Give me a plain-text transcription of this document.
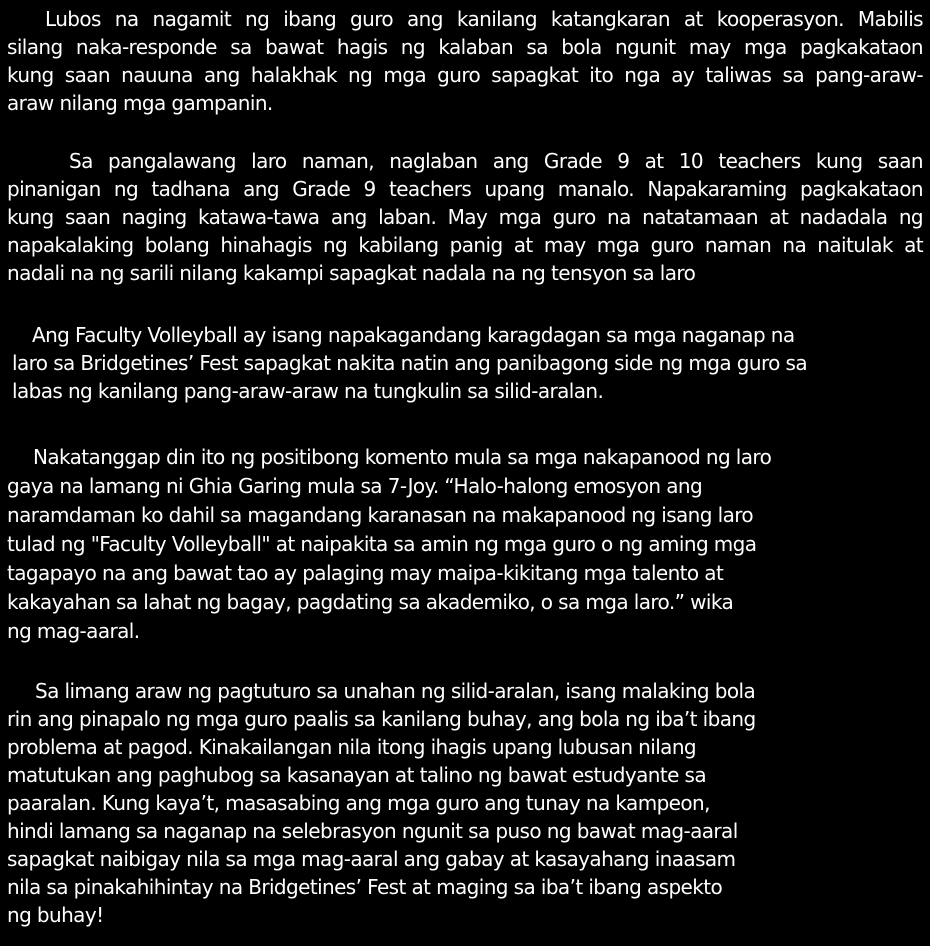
Lubos na nagamit ng ibang guro ang kanilang katangkaran at kooperasyon. Mabilis
silang naka-responde sa bawat hagis ng kalaban sa bola ngunit may mga pagkakataon
kung saan nauuna ang halakhak ng mga guro sapagkat ito nga ay taliwas sa pang-araw-
araw nilang mga gampanin.
Sa pangalawang laro naman, naglaban ang Grade 9 at 10 teachers kung saan
pinanigan ng tadhana ang Grade 9 teachers upang manalo. Napakaraming pagkakataon
kung saan naging katawa-tawa ang laban. May mga guro na natatamaan at nadadala ng
napakalaking bolang hinahagis ng kabilang panig at may mga guro naman na naitulak at
nadali na ng sarili nilang kakampi sapagkat nadala na ng tensyon sa laro
Ang Faculty Volleyball ay isang napakagandang karagdagan sa mga naganap na
laro sa Bridgetines’ Fest sapagkat nakita natin ang panibagong side ng mga guro sa
labas ng kanilang pang-araw-araw na tungkulin sa silid-aralan.
Nakatanggap din ito ng positibong komento mula sa mga nakapanood ng laro
gaya na lamang ni Ghia Garing mula sa 7-Joy. “Halo-halong emosyon ang
naramdaman ko dahil sa magandang karanasan na makapanood ng isang laro
tulad ng "Faculty Volleyball" at naipakita sa amin ng mga guro o ng aming mga
tagapayo na ang bawat tao ay palaging may maipa-kikitang mga talento at
kakayahan sa lahat ng bagay, pagdating sa akademiko, o sa mga laro.” wika
ng mag-aaral.
Sa limang araw ng pagtuturo sa unahan ng silid-aralan, isang malaking bola
rin ang pinapalo ng mga guro paalis sa kanilang buhay, ang bola ng iba’t ibang
problema at pagod. Kinakailangan nila itong ihagis upang lubusan nilang
matutukan ang paghubog sa kasanayan at talino ng bawat estudyante sa
paaralan. Kung kaya’t, masasabing ang mga guro ang tunay na kampeon,
hindi lamang sa naganap na selebrasyon ngunit sa puso ng bawat mag-aaral
sapagkat naibigay nila sa mga mag-aaral ang gabay at kasayahang inaasam
nila sa pinakahihintay na Bridgetines’ Fest at maging sa iba’t ibang aspekto
ng buhay!
